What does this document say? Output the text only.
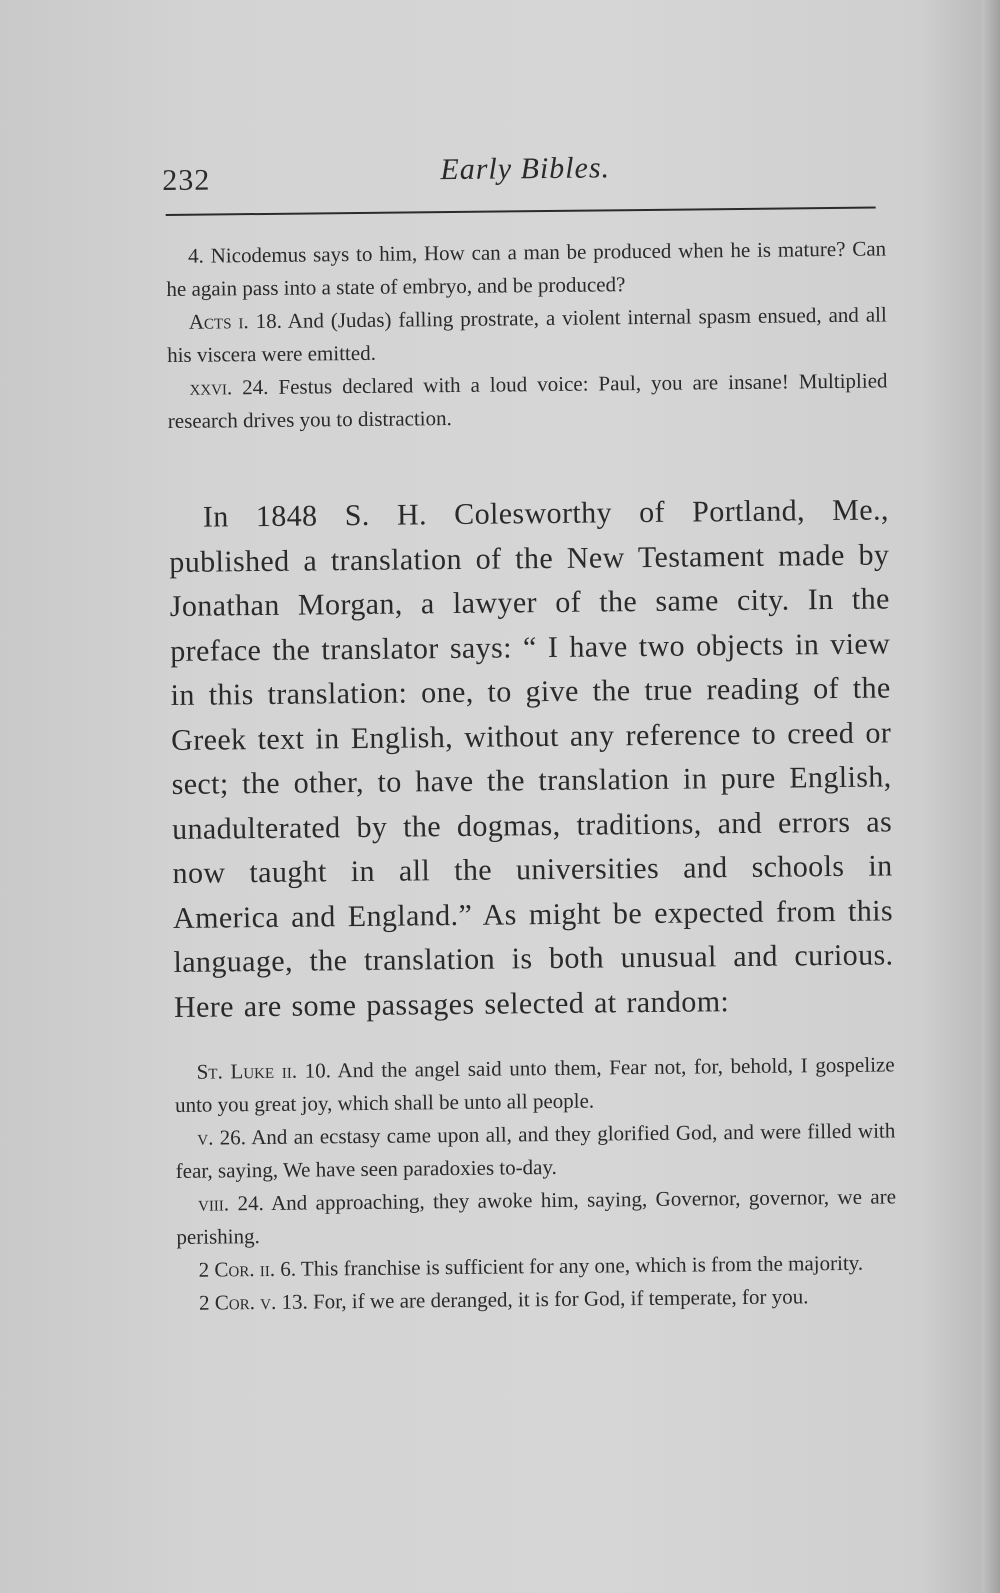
232	Early Bibles.

4. Nicodemus says to him, How can a man be produced when he is mature? Can he again pass into a state of embryo, and be produced?

Acts i. 18. And (Judas) falling prostrate, a violent internal spasm ensued, and all his viscera were emitted.

xxvi. 24. Festus declared with a loud voice: Paul, you are insane! Multiplied research drives you to distraction.

In 1848 S. H. Colesworthy of Portland, Me., published a translation of the New Testament made by Jonathan Morgan, a lawyer of the same city. In the preface the translator says: “ I have two objects in view in this translation: one, to give the true reading of the Greek text in English, without any reference to creed or sect; the other, to have the translation in pure English, unadulterated by the dogmas, traditions, and errors as now taught in all the universities and schools in America and England.” As might be expected from this language, the translation is both unusual and curious. Here are some passages selected at random:

St. Luke ii. 10. And the angel said unto them, Fear not, for, behold, I gospelize unto you great joy, which shall be unto all people.

v. 26. And an ecstasy came upon all, and they glorified God, and were filled with fear, saying, We have seen paradoxies to-day.

viii. 24. And approaching, they awoke him, saying, Governor, governor, we are perishing.

2 Cor. ii. 6. This franchise is sufficient for any one, which is from the majority.

2 Cor. v. 13. For, if we are deranged, it is for God, if temperate, for you.
